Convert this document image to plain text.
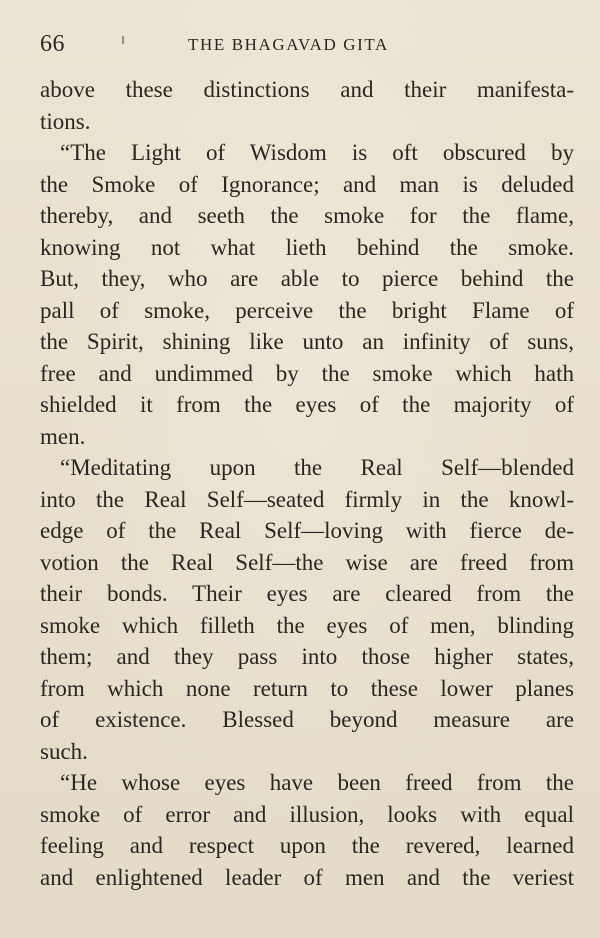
66	THE BHAGAVAD GITA
above these distinctions and their manifesta-
tions.
“The Light of Wisdom is oft obscured by
the Smoke of Ignorance; and man is deluded
thereby, and seeth the smoke for the flame,
knowing not what lieth behind the smoke.
But, they, who are able to pierce behind the
pall of smoke, perceive the bright Flame of
the Spirit, shining like unto an infinity of suns,
free and undimmed by the smoke which hath
shielded it from the eyes of the majority of
men.
“Meditating upon the Real Self—blended
into the Real Self—seated firmly in the knowl-
edge of the Real Self—loving with fierce de-
votion the Real Self—the wise are freed from
their bonds. Their eyes are cleared from the
smoke which filleth the eyes of men, blinding
them; and they pass into those higher states,
from which none return to these lower planes
of existence. Blessed beyond measure are
such.
“He whose eyes have been freed from the
smoke of error and illusion, looks with equal
feeling and respect upon the revered, learned
and enlightened leader of men and the veriest
